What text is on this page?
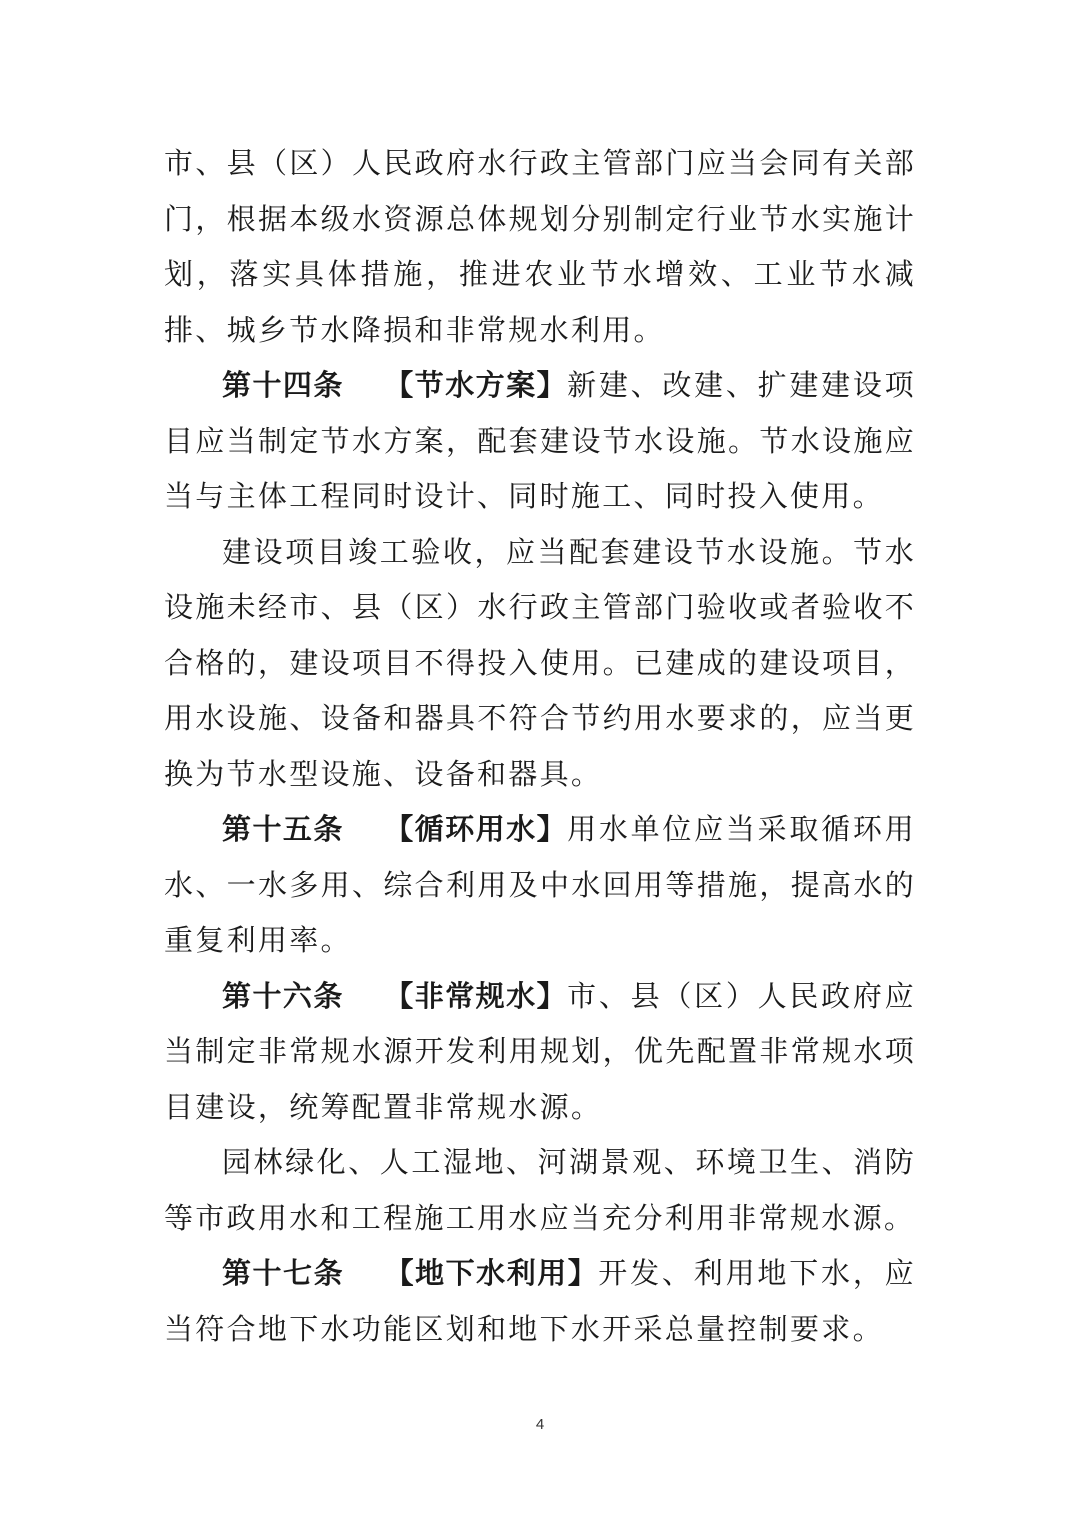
市、县（区）人民政府水行政主管部门应当会同有关部门，根据本级水资源总体规划分别制定行业节水实施计划，落实具体措施，推进农业节水增效、工业节水减排、城乡节水降损和非常规水利用。

第十四条 【节水方案】新建、改建、扩建建设项目应当制定节水方案，配套建设节水设施。节水设施应当与主体工程同时设计、同时施工、同时投入使用。

建设项目竣工验收，应当配套建设节水设施。节水设施未经市、县（区）水行政主管部门验收或者验收不合格的，建设项目不得投入使用。已建成的建设项目，用水设施、设备和器具不符合节约用水要求的，应当更换为节水型设施、设备和器具。

第十五条 【循环用水】用水单位应当采取循环用水、一水多用、综合利用及中水回用等措施，提高水的重复利用率。

第十六条 【非常规水】市、县（区）人民政府应当制定非常规水源开发利用规划，优先配置非常规水项目建设，统筹配置非常规水源。

园林绿化、人工湿地、河湖景观、环境卫生、消防等市政用水和工程施工用水应当充分利用非常规水源。

第十七条 【地下水利用】开发、利用地下水，应当符合地下水功能区划和地下水开采总量控制要求。

4
